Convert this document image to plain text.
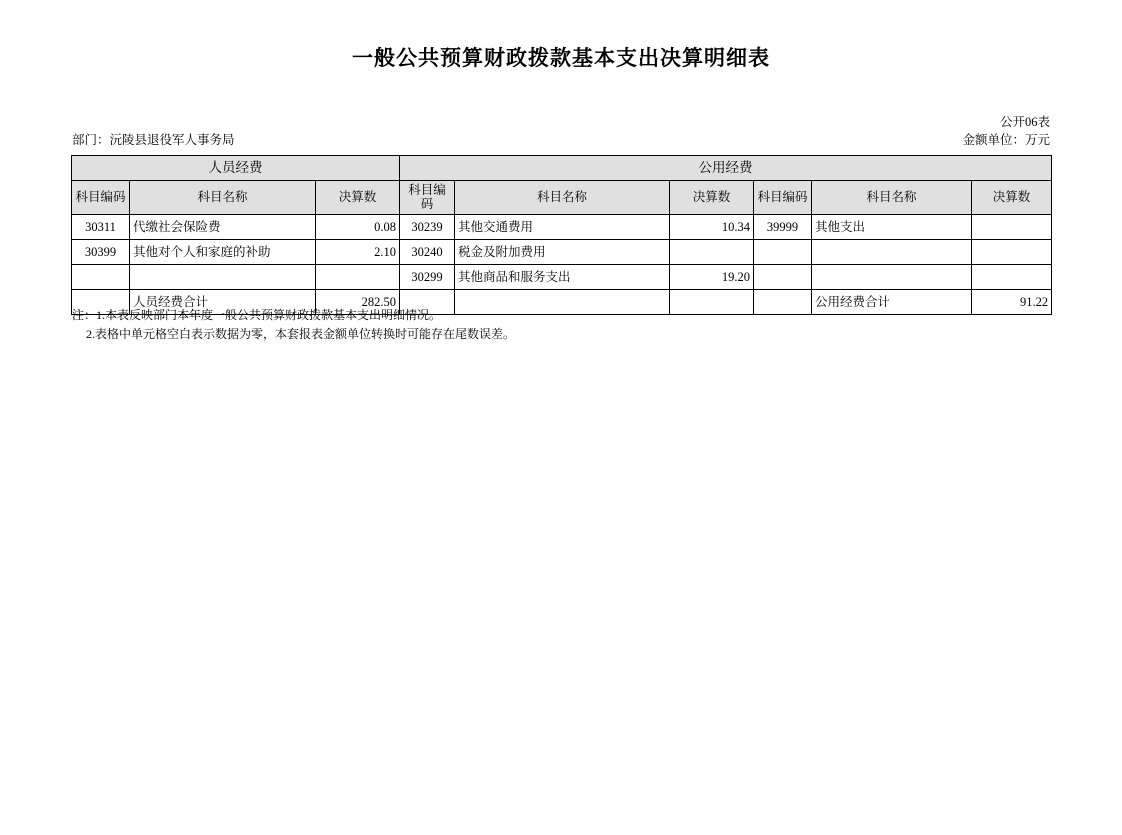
一般公共预算财政拨款基本支出决算明细表
公开06表
部门：沅陵县退役军人事务局	金额单位：万元
人员经费			公用经费					
科目编码	科目名称	决算数	科目编码	科目名称	决算数	科目编码	科目名称	决算数
30311	代缴社会保险费	0.08	30239	其他交通费用	10.34	39999	其他支出	
30399	其他对个人和家庭的补助	2.10	30240	税金及附加费用				
			30299	其他商品和服务支出	19.20			
	人员经费合计	282.50					公用经费合计	91.22
注：1.本表反映部门本年度一般公共预算财政拨款基本支出明细情况。
2.表格中单元格空白表示数据为零，本套报表金额单位转换时可能存在尾数误差。
